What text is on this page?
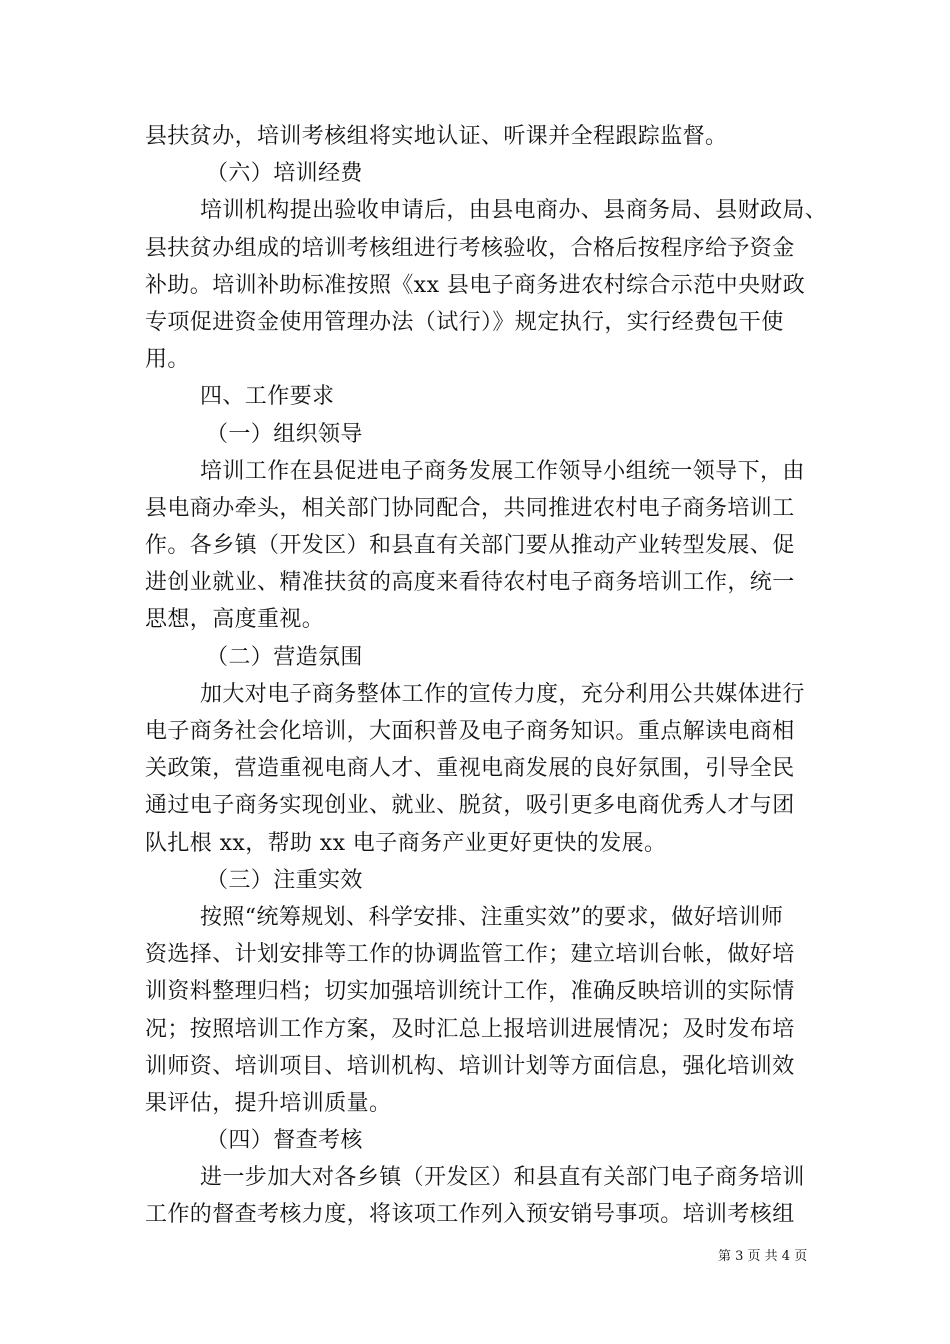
县扶贫办，培训考核组将实地认证、听课并全程跟踪监督。
（六）培训经费
培训机构提出验收申请后，由县电商办、县商务局、县财政局、
县扶贫办组成的培训考核组进行考核验收，合格后按程序给予资金
补助。培训补助标准按照《xx 县电子商务进农村综合示范中央财政
专项促进资金使用管理办法（试行）》规定执行，实行经费包干使
用。
四、工作要求
（一）组织领导
培训工作在县促进电子商务发展工作领导小组统一领导下，由
县电商办牵头，相关部门协同配合，共同推进农村电子商务培训工
作。各乡镇（开发区）和县直有关部门要从推动产业转型发展、促
进创业就业、精准扶贫的高度来看待农村电子商务培训工作，统一
思想，高度重视。
（二）营造氛围
加大对电子商务整体工作的宣传力度，充分利用公共媒体进行
电子商务社会化培训，大面积普及电子商务知识。重点解读电商相
关政策，营造重视电商人才、重视电商发展的良好氛围，引导全民
通过电子商务实现创业、就业、脱贫，吸引更多电商优秀人才与团
队扎根 xx，帮助 xx 电子商务产业更好更快的发展。
（三）注重实效
按照“统筹规划、科学安排、注重实效”的要求，做好培训师
资选择、计划安排等工作的协调监管工作；建立培训台帐，做好培
训资料整理归档；切实加强培训统计工作，准确反映培训的实际情
况；按照培训工作方案，及时汇总上报培训进展情况；及时发布培
训师资、培训项目、培训机构、培训计划等方面信息，强化培训效
果评估，提升培训质量。
（四）督查考核
进一步加大对各乡镇（开发区）和县直有关部门电子商务培训
工作的督查考核力度，将该项工作列入预安销号事项。培训考核组
第 3 页 共 4 页
